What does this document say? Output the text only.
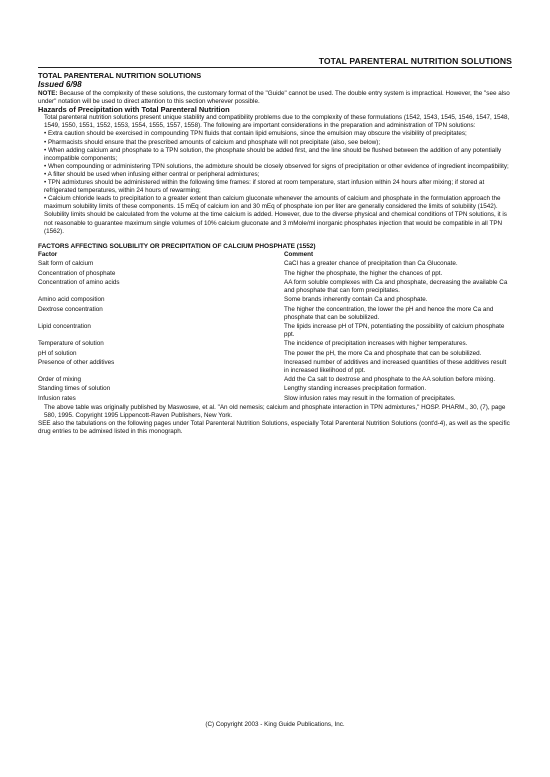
TOTAL PARENTERAL NUTRITION SOLUTIONS
TOTAL PARENTERAL NUTRITION SOLUTIONS
Issued 6/98
NOTE: Because of the complexity of these solutions, the customary format of the "Guide" cannot be used. The double entry system is impractical. However, the "see also under" notation will be used to direct attention to this section wherever possible.
Hazards of Precipitation with Total Parenteral Nutrition
Total parenteral nutrition solutions present unique stability and compatibility problems due to the complexity of these formulations (1542, 1543, 1545, 1546, 1547, 1548, 1549, 1550, 1551, 1552, 1553, 1554, 1555, 1557, 1558). The following are important considerations in the preparation and administration of TPN solutions:
• Extra caution should be exercised in compounding TPN fluids that contain lipid emulsions, since the emulsion may obscure the visibility of precipitates;
• Pharmacists should ensure that the prescribed amounts of calcium and phosphate will not precipitate (also, see below);
• When adding calcium and phosphate to a TPN solution, the phosphate should be added first, and the line should be flushed between the addition of any potentially incompatible components;
• When compounding or administering TPN solutions, the admixture should be closely observed for signs of precipitation or other evidence of ingredient incompatibility;
• A filter should be used when infusing either central or peripheral admixtures;
• TPN admixtures should be administered within the following time frames: if stored at room temperature, start infusion within 24 hours after mixing; if stored at refrigerated temperatures, within 24 hours of rewarming;
• Calcium chloride leads to precipitation to a greater extent than calcium gluconate whenever the amounts of calcium and phosphate in the formulation approach the maximum solubility limits of these components. 15 mEq of calcium ion and 30 mEq of phosphate ion per liter are generally considered the limits of solubility (1542). Solubility limits should be calculated from the volume at the time calcium is added. However, due to the diverse physical and chemical conditions of TPN solutions, it is not reasonable to guarantee maximum single volumes of 10% calcium gluconate and 3 mMole/ml inorganic phosphates injection that would be compatible in all TPN (1562).
FACTORS AFFECTING SOLUBILITY OR PRECIPITATION OF CALCIUM PHOSPHATE (1552)
Factor	Comment
Salt form of calcium	CaCl has a greater chance of precipitation than Ca Gluconate.
Concentration of phosphate	The higher the phosphate, the higher the chances of ppt.
Concentration of amino acids	AA form soluble complexes with Ca and phosphate, decreasing the available Ca and phosphate that can form precipitates.
Amino acid composition	Some brands inherently contain Ca and phosphate.
Dextrose concentration	The higher the concentration, the lower the pH and hence the more Ca and phosphate that can be solubilized.
Lipid concentration	The lipids increase pH of TPN, potentiating the possibility of calcium phosphate ppt.
Temperature of solution	The incidence of precipitation increases with higher temperatures.
pH of solution	The power the pH, the more Ca and phosphate that can be solubilized.
Presence of other additives	Increased number of additives and increased quantities of these additives result in increased likelihood of ppt.
Order of mixing	Add the Ca salt to dextrose and phosphate to the AA solution before mixing.
Standing times of solution	Lengthy standing increases precipitation formation.
Infusion rates	Slow infusion rates may result in the formation of precipitates.
The above table was originally published by Maswoswe, et al. "An old nemesis; calcium and phosphate interaction in TPN admixtures," HOSP. PHARM., 30, (7), page 580, 1995. Copyright 1995 Lippencott-Raven Publishers, New York.
SEE also the tabulations on the following pages under Total Parenteral Nutrition Solutions, especially Total Parenteral Nutrition Solutions (cont'd-4), as well as the specific drug entries to be admixed listed in this monograph.
(C) Copyright 2003 - King Guide Publications, Inc.
